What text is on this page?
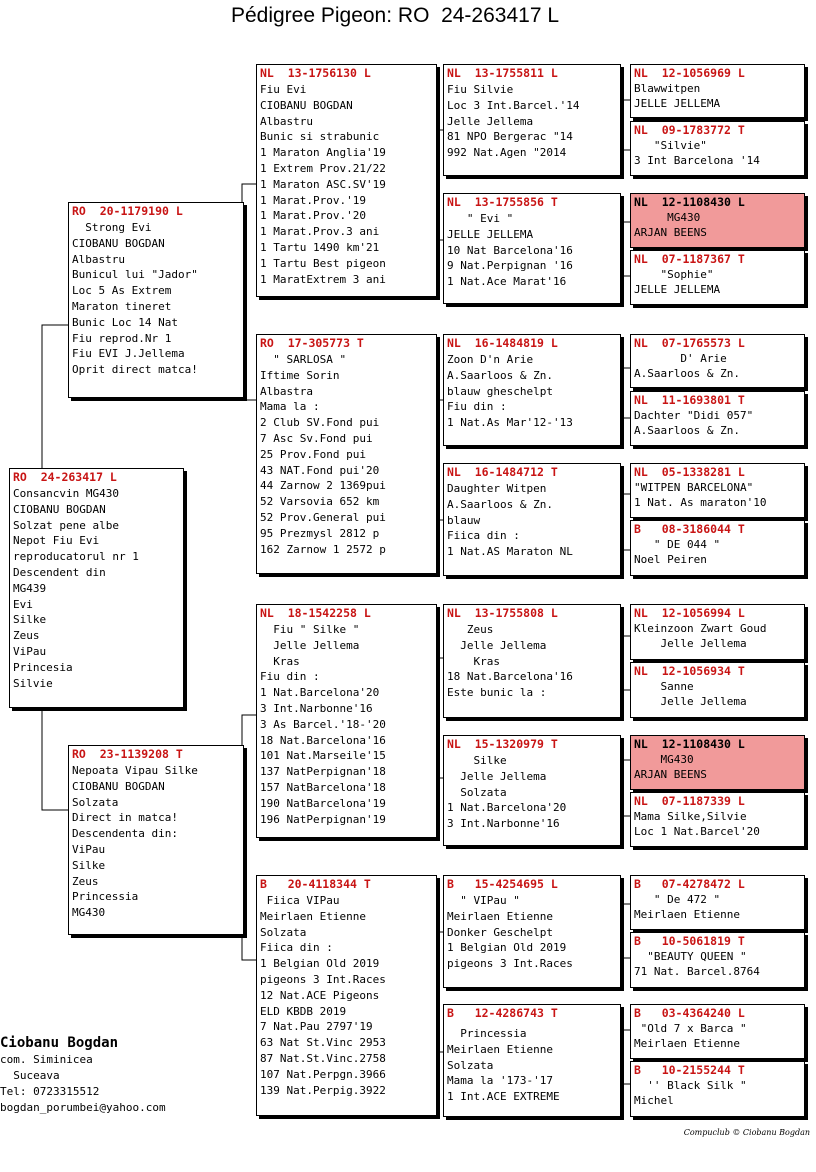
Pédigree Pigeon: RO  24-263417 L
RO  24-263417 L
Consancvin MG430
CIOBANU BOGDAN
Solzat pene albe
Nepot Fiu Evi
reproducatorul nr 1
Descendent din
MG439
Evi
Silke
Zeus
ViPau
Princesia
Silvie
RO  20-1179190 L
Strong Evi
CIOBANU BOGDAN
Albastru
Bunicul lui "Jador"
Loc 5 As Extrem
Maraton tineret
Bunic Loc 14 Nat
Fiu reprod.Nr 1
Fiu EVI J.Jellema
Oprit direct matca!
RO  23-1139208 T
Nepoata Vipau Silke
CIOBANU BOGDAN
Solzata
Direct in matca!
Descendenta din:
ViPau
Silke
Zeus
Princessia
MG430
NL  13-1756130 L
Fiu Evi
CIOBANU BOGDAN
Albastru
Bunic si strabunic
1 Maraton Anglia'19
1 Extrem Prov.21/22
1 Maraton ASC.SV'19
1 Marat.Prov.'19
1 Marat.Prov.'20
1 Marat.Prov.3 ani
1 Tartu 1490 km'21
1 Tartu Best pigeon
1 MaratExtrem 3 ani
RO  17-305773 T
" SARLOSA "
Iftime Sorin
Albastra
Mama la :
2 Club SV.Fond pui
7 Asc Sv.Fond pui
25 Prov.Fond pui
43 NAT.Fond pui'20
44 Zarnow 2 1369pui
52 Varsovia 652 km
52 Prov.General pui
95 Prezmysl 2812 p
162 Zarnow 1 2572 p
NL  18-1542258 L
Fiu " Silke "
Jelle Jellema
Kras
Fiu din :
1 Nat.Barcelona'20
3 Int.Narbonne'16
3 As Barcel.'18-'20
18 Nat.Barcelona'16
101 Nat.Marseile'15
137 NatPerpignan'18
157 NatBarcelona'18
190 NatBarcelona'19
196 NatPerpignan'19
B   20-4118344 T
Fiica VIPau
Meirlaen Etienne
Solzata
Fiica din :
1 Belgian Old 2019
pigeons 3 Int.Races
12 Nat.ACE Pigeons
ELD KBDB 2019
7 Nat.Pau 2797'19
63 Nat St.Vinc 2953
87 Nat.St.Vinc.2758
107 Nat.Perpgn.3966
139 Nat.Perpig.3922
NL  13-1755811 L
Fiu Silvie
Loc 3 Int.Barcel.'14
Jelle Jellema
81 NPO Bergerac "14
992 Nat.Agen "2014
NL  13-1755856 T
" Evi "
JELLE JELLEMA
10 Nat Barcelona'16
9 Nat.Perpignan '16
1 Nat.Ace Marat'16
NL  16-1484819 L
Zoon D'n Arie
A.Saarloos & Zn.
blauw gheschelpt
Fiu din :
1 Nat.As Mar'12-'13
NL  16-1484712 T
Daughter Witpen
A.Saarloos & Zn.
blauw
Fiica din :
1 Nat.AS Maraton NL
NL  13-1755808 L
Zeus
Jelle Jellema
Kras
18 Nat.Barcelona'16
Este bunic la :
NL  15-1320979 T
Silke
Jelle Jellema
Solzata
1 Nat.Barcelona'20
3 Int.Narbonne'16
B   15-4254695 L
" VIPau "
Meirlaen Etienne
Donker Geschelpt
1 Belgian Old 2019
pigeons 3 Int.Races
B   12-4286743 T
Princessia
Meirlaen Etienne
Solzata
Mama la '173-'17
1 Int.ACE EXTREME
NL  12-1056969 L
Blawwitpen
JELLE JELLEMA
NL  09-1783772 T
"Silvie"
3 Int Barcelona '14
NL  12-1108430 L
MG430
ARJAN BEENS
NL  07-1187367 T
"Sophie"
JELLE JELLEMA
NL  07-1765573 L
D' Arie
A.Saarloos & Zn.
NL  11-1693801 T
Dachter "Didi 057"
A.Saarloos & Zn.
NL  05-1338281 L
"WITPEN BARCELONA"
1 Nat. As maraton'10
B   08-3186044 T
" DE 044 "
Noel Peiren
NL  12-1056994 L
Kleinzoon Zwart Goud
Jelle Jellema
NL  12-1056934 T
Sanne
Jelle Jellema
NL  12-1108430 L
MG430
ARJAN BEENS
NL  07-1187339 L
Mama Silke,Silvie
Loc 1 Nat.Barcel'20
B   07-4278472 L
" De 472 "
Meirlaen Etienne
B   10-5061819 T
"BEAUTY QUEEN "
71 Nat. Barcel.8764
B   03-4364240 L
"Old 7 x Barca "
Meirlaen Etienne
B   10-2155244 T
'' Black Silk "
Michel
Ciobanu Bogdan
com. Siminicea
Suceava
Tel: 0723315512
bogdan_porumbei@yahoo.com
Compuclub © Ciobanu Bogdan
